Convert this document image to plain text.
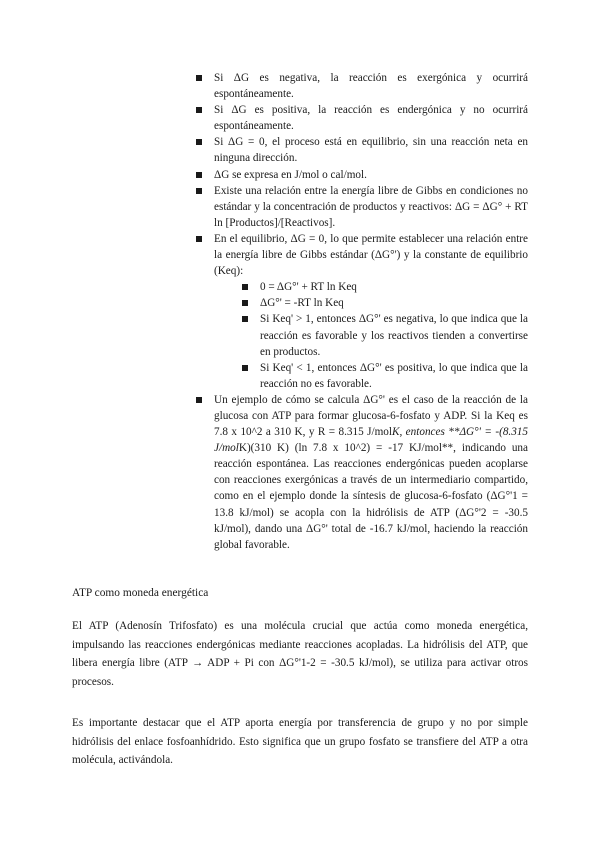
Si ΔG es negativa, la reacción es exergónica y ocurrirá espontáneamente.
Si ΔG es positiva, la reacción es endergónica y no ocurrirá espontáneamente.
Si ΔG = 0, el proceso está en equilibrio, sin una reacción neta en ninguna dirección.
ΔG se expresa en J/mol o cal/mol.
Existe una relación entre la energía libre de Gibbs en condiciones no estándar y la concentración de productos y reactivos: ΔG = ΔG° + RT ln [Productos]/[Reactivos].
En el equilibrio, ΔG = 0, lo que permite establecer una relación entre la energía libre de Gibbs estándar (ΔG°') y la constante de equilibrio (Keq):
0 = ΔG°' + RT ln Keq
ΔG°' = -RT ln Keq
Si Keq' > 1, entonces ΔG°' es negativa, lo que indica que la reacción es favorable y los reactivos tienden a convertirse en productos.
Si Keq' < 1, entonces ΔG°' es positiva, lo que indica que la reacción no es favorable.
Un ejemplo de cómo se calcula ΔG°' es el caso de la reacción de la glucosa con ATP para formar glucosa-6-fosfato y ADP. Si la Keq es 7.8 x 10^2 a 310 K, y R = 8.315 J/molK, entonces **ΔG°' = -(8.315 J/molK)(310 K) (ln 7.8 x 10^2) = -17 KJ/mol**, indicando una reacción espontánea. Las reacciones endergónicas pueden acoplarse con reacciones exergónicas a través de un intermediario compartido, como en el ejemplo donde la síntesis de glucosa-6-fosfato (ΔG°'1 = 13.8 kJ/mol) se acopla con la hidrólisis de ATP (ΔG°'2 = -30.5 kJ/mol), dando una ΔG°' total de -16.7 kJ/mol, haciendo la reacción global favorable.

ATP como moneda energética

El ATP (Adenosín Trifosfato) es una molécula crucial que actúa como moneda energética, impulsando las reacciones endergónicas mediante reacciones acopladas. La hidrólisis del ATP, que libera energía libre (ATP → ADP + Pi con ΔG°'1-2 = -30.5 kJ/mol), se utiliza para activar otros procesos.

Es importante destacar que el ATP aporta energía por transferencia de grupo y no por simple hidrólisis del enlace fosfoanhídrido. Esto significa que un grupo fosfato se transfiere del ATP a otra molécula, activándola.
